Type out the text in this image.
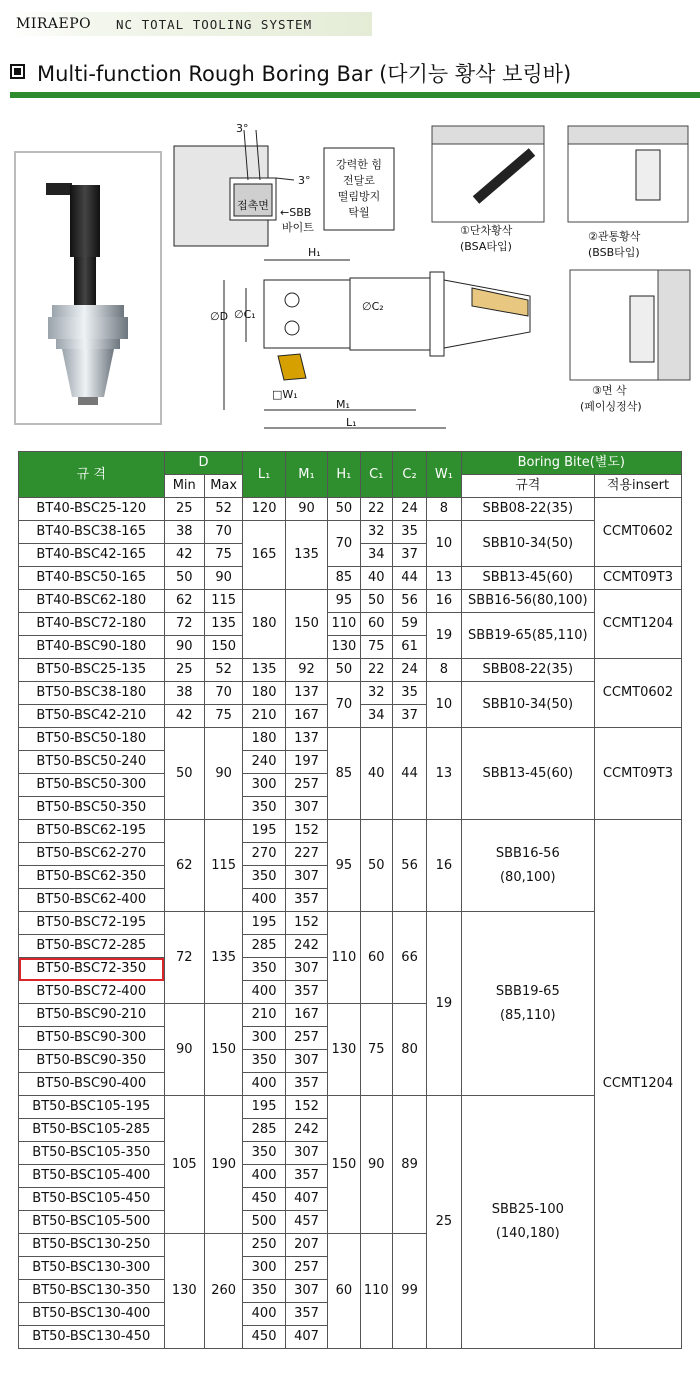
MIRAEPO NC TOTAL TOOLING SYSTEM
Multi-function Rough Boring Bar (다기능 황삭 보링바)
3°
3°
접촉면
←SBB
바이트
강력한 힘
전달로
떨림방지
탁월
H₁
∅D ∅C₁
∅C₂
□W₁
M₁
L₁
①단차황삭
(BSA타입)
②관통황삭
(BSB타입)
③면 삭
(페이싱정삭)
규 격	D		L₁	M₁	H₁	C₁	C₂	W₁	Boring Bite(별도)	
	Min	Max							규격	적용insert
BT40-BSC25-120	25	52	120	90	50	22	24	8	SBB08-22(35)	CCMT0602
BT40-BSC38-165	38	70	165	135	70	32	35	10	SBB10-34(50)	
BT40-BSC42-165	42	75				34	37			
BT40-BSC50-165	50	90			85	40	44	13	SBB13-45(60)	CCMT09T3
BT40-BSC62-180	62	115	180	150	95	50	56	16	SBB16-56(80,100)	CCMT1204
BT40-BSC72-180	72	135			110	60	59	19	SBB19-65(85,110)	
BT40-BSC90-180	90	150			130	75	61			
BT50-BSC25-135	25	52	135	92	50	22	24	8	SBB08-22(35)	CCMT0602
BT50-BSC38-180	38	70	180	137	70	32	35	10	SBB10-34(50)	
BT50-BSC42-210	42	75	210	167		34	37			
BT50-BSC50-180	50	90	180	137	85	40	44	13	SBB13-45(60)	CCMT09T3
BT50-BSC50-240			240	197						
BT50-BSC50-300			300	257						
BT50-BSC50-350			350	307						
BT50-BSC62-195	62	115	195	152	95	50	56	16	SBB16-56
(80,100)	CCMT1204
BT50-BSC62-270			270	227						
BT50-BSC62-350			350	307						
BT50-BSC62-400			400	357						
BT50-BSC72-195	72	135	195	152	110	60	66	19	SBB19-65
(85,110)	
BT50-BSC72-285			285	242						
BT50-BSC72-350			350	307						
BT50-BSC72-400			400	357						
BT50-BSC90-210	90	150	210	167	130	75	80			
BT50-BSC90-300			300	257						
BT50-BSC90-350			350	307						
BT50-BSC90-400			400	357						
BT50-BSC105-195	105	190	195	152	150	90	89	25	SBB25-100
(140,180)	
BT50-BSC105-285			285	242						
BT50-BSC105-350			350	307						
BT50-BSC105-400			400	357						
BT50-BSC105-450			450	407						
BT50-BSC105-500			500	457						
BT50-BSC130-250	130	260	250	207	60	110	99			
BT50-BSC130-300			300	257						
BT50-BSC130-350			350	307						
BT50-BSC130-400			400	357						
BT50-BSC130-450			450	407						
